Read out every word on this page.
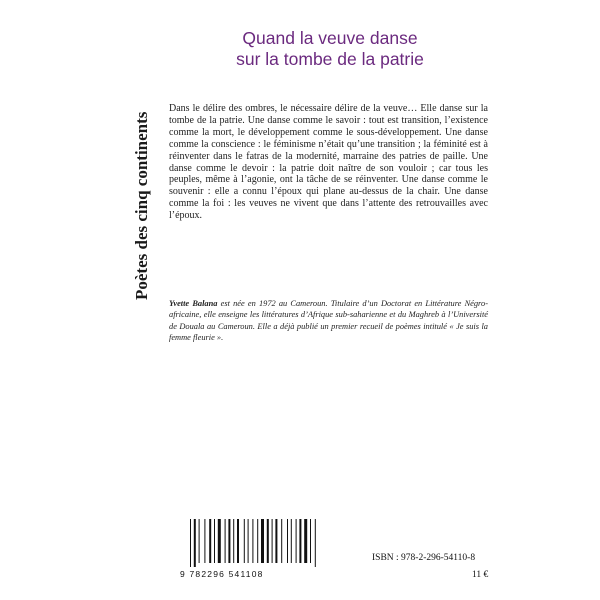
Poètes des cinq continents
Quand la veuve danse
sur la tombe de la patrie
Dans le délire des ombres, le nécessaire délire de la veuve… Elle danse sur la tombe de la patrie. Une danse comme le savoir : tout est transition, l’existence comme la mort, le développement comme le sous-développement. Une danse comme la conscience : le féminisme n’était qu’une transition ; la féminité est à réinventer dans le fatras de la modernité, marraine des patries de paille. Une danse comme le devoir : la patrie doit naître de son vouloir ; car tous les peuples, même à l’agonie, ont la tâche de se réinventer. Une danse comme le souvenir : elle a connu l’époux qui plane au-dessus de la chair. Une danse comme la foi : les veuves ne vivent que dans l’attente des retrouvailles avec l’époux.
Yvette Balana est née en 1972 au Cameroun. Titulaire d’un Doctorat en Littérature Négro-africaine, elle enseigne les littératures d’Afrique sub-saharienne et du Maghreb à l’Université de Douala au Cameroun. Elle a déjà publié un premier recueil de poèmes intitulé « Je suis la femme fleurie ».
9 782296 541108
ISBN : 978-2-296-54110-8
11 €
